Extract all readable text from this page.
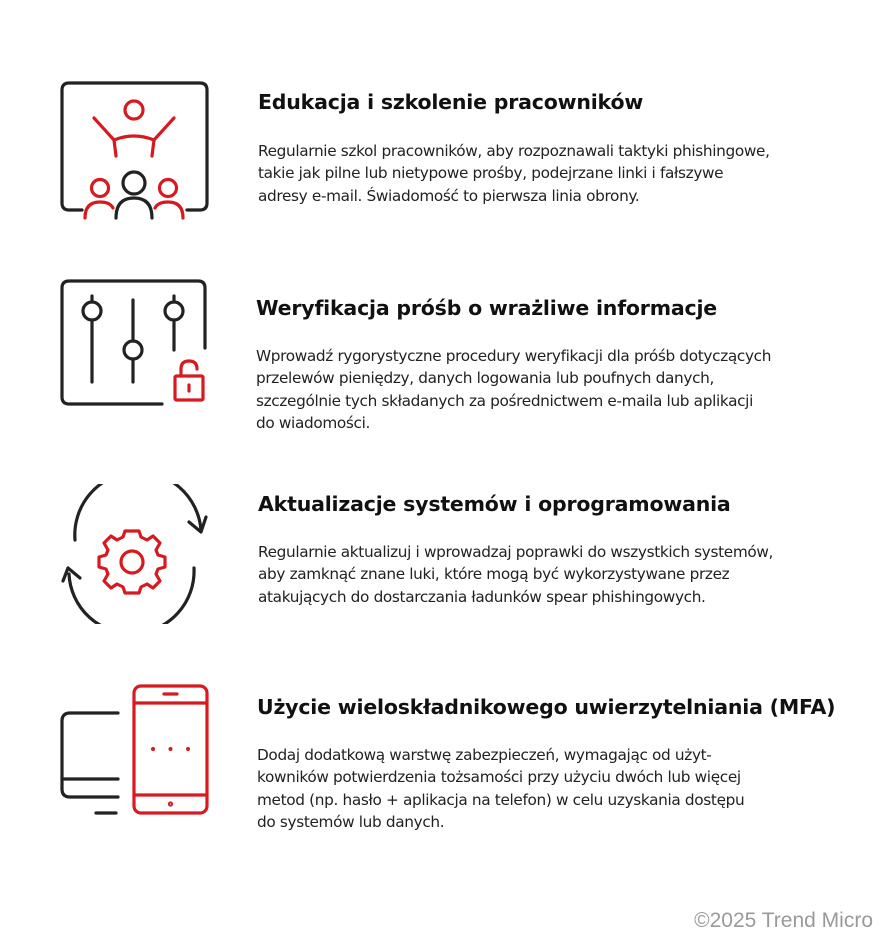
Edukacja i szkolenie pracowników

Regularnie szkol pracowników, aby rozpoznawali taktyki phishingowe,
takie jak pilne lub nietypowe prośby, podejrzane linki i fałszywe
adresy e-mail. Świadomość to pierwsza linia obrony.

Weryfikacja próśb o wrażliwe informacje

Wprowadź rygorystyczne procedury weryfikacji dla próśb dotyczących
przelewów pieniędzy, danych logowania lub poufnych danych,
szczególnie tych składanych za pośrednictwem e-maila lub aplikacji
do wiadomości.

Aktualizacje systemów i oprogramowania

Regularnie aktualizuj i wprowadzaj poprawki do wszystkich systemów,
aby zamknąć znane luki, które mogą być wykorzystywane przez
atakujących do dostarczania ładunków spear phishingowych.

Użycie wieloskładnikowego uwierzytelniania (MFA)

Dodaj dodatkową warstwę zabezpieczeń, wymagając od użyt-
kowników potwierdzenia tożsamości przy użyciu dwóch lub więcej
metod (np. hasło + aplikacja na telefon) w celu uzyskania dostępu
do systemów lub danych.

©2025 Trend Micro
